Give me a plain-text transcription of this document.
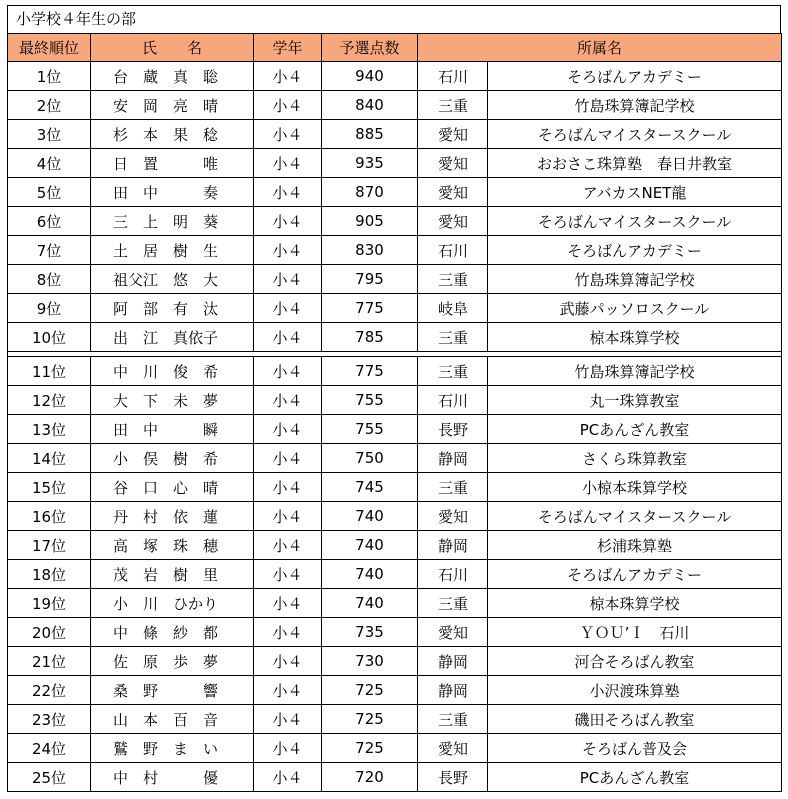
小学校４年生の部
最終順位	氏　　名	学年	予選点数	所属名	
1位	台　蔵　真　聡	小４	940	石川	そろばんアカデミー
2位	安　岡　亮　晴	小４	840	三重	竹島珠算簿記学校
3位	杉　本　果　稔	小４	885	愛知	そろばんマイスタースクール
4位	日　置　　　唯	小４	935	愛知	おおさこ珠算塾　春日井教室
5位	田　中　　　奏	小４	870	愛知	アバカスNET龍
6位	三　上　明　葵	小４	905	愛知	そろばんマイスタースクール
7位	土　居　樹　生	小４	830	石川	そろばんアカデミー
8位	祖父江　悠　大	小４	795	三重	竹島珠算簿記学校
9位	阿　部　有　汰	小４	775	岐阜	武藤パッソロスクール
10位	出　江　真依子	小４	785	三重	椋本珠算学校

11位	中　川　俊　希	小４	775	三重	竹島珠算簿記学校
12位	大　下　未　夢	小４	755	石川	丸一珠算教室
13位	田　中　　　瞬	小４	755	長野	PCあんざん教室
14位	小　俣　樹　希	小４	750	静岡	さくら珠算教室
15位	谷　口　心　晴	小４	745	三重	小椋本珠算学校
16位	丹　村　依　蓮	小４	740	愛知	そろばんマイスタースクール
17位	高　塚　珠　穂	小４	740	静岡	杉浦珠算塾
18位	茂　岩　樹　里	小４	740	石川	そろばんアカデミー
19位	小　川　ひかり	小４	740	三重	椋本珠算学校
20位	中　條　紗　都	小４	735	愛知	ＹＯＵ’Ｉ　石川
21位	佐　原　歩　夢	小４	730	静岡	河合そろばん教室
22位	桑　野　　　響	小４	725	静岡	小沢渡珠算塾
23位	山　本　百　音	小４	725	三重	磯田そろばん教室
24位	鷲　野　ま　い	小４	725	愛知	そろばん普及会
25位	中　村　　　優	小４	720	長野	PCあんざん教室
